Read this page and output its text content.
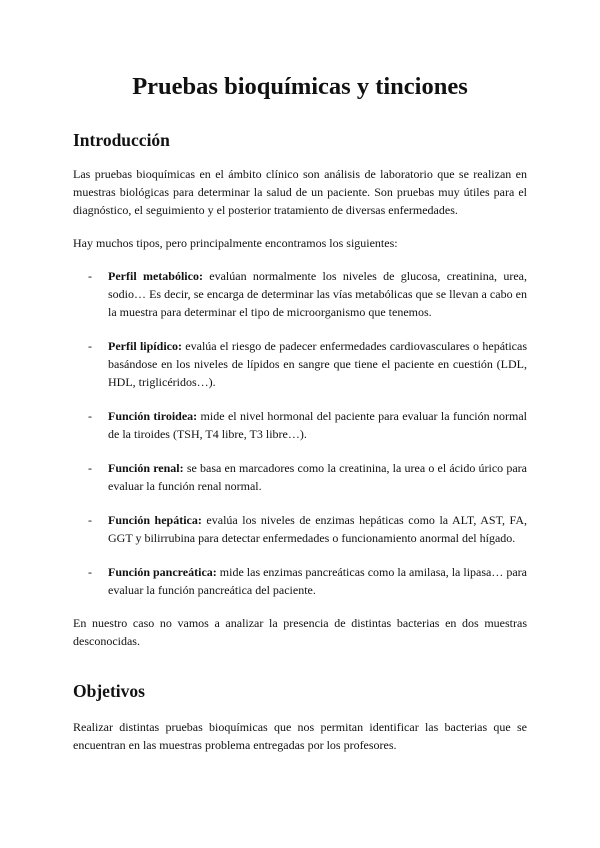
Pruebas bioquímicas y tinciones
Introducción

Las pruebas bioquímicas en el ámbito clínico son análisis de laboratorio que se realizan en muestras biológicas para determinar la salud de un paciente. Son pruebas muy útiles para el diagnóstico, el seguimiento y el posterior tratamiento de diversas enfermedades.

Hay muchos tipos, pero principalmente encontramos los siguientes:

- Perfil metabólico: evalúan normalmente los niveles de glucosa, creatinina, urea, sodio… Es decir, se encarga de determinar las vías metabólicas que se llevan a cabo en la muestra para determinar el tipo de microorganismo que tenemos.
- Perfil lipídico: evalúa el riesgo de padecer enfermedades cardiovasculares o hepáticas basándose en los niveles de lípidos en sangre que tiene el paciente en cuestión (LDL, HDL, triglicéridos…).
- Función tiroidea: mide el nivel hormonal del paciente para evaluar la función normal de la tiroides (TSH, T4 libre, T3 libre…).
- Función renal: se basa en marcadores como la creatinina, la urea o el ácido úrico para evaluar la función renal normal.
- Función hepática: evalúa los niveles de enzimas hepáticas como la ALT, AST, FA, GGT y bilirrubina para detectar enfermedades o funcionamiento anormal del hígado.
- Función pancreática: mide las enzimas pancreáticas como la amilasa, la lipasa… para evaluar la función pancreática del paciente.

En nuestro caso no vamos a analizar la presencia de distintas bacterias en dos muestras desconocidas.

Objetivos

Realizar distintas pruebas bioquímicas que nos permitan identificar las bacterias que se encuentran en las muestras problema entregadas por los profesores.
